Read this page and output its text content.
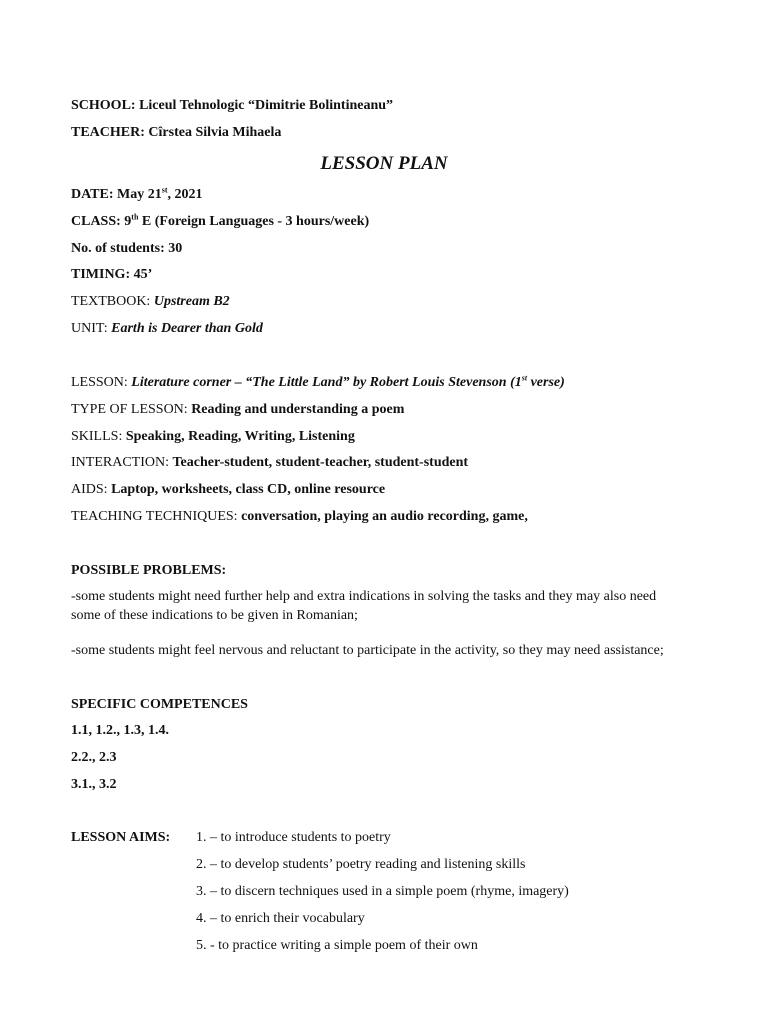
SCHOOL: Liceul Tehnologic “Dimitrie Bolintineanu”
TEACHER: Cîrstea Silvia Mihaela
LESSON PLAN
DATE: May 21st, 2021
CLASS: 9th E (Foreign Languages - 3 hours/week)
No. of students: 30
TIMING: 45’
TEXTBOOK: Upstream B2
UNIT: Earth is Dearer than Gold
LESSON: Literature corner – “The Little Land” by Robert Louis Stevenson (1st verse)
TYPE OF LESSON: Reading and understanding a poem
SKILLS: Speaking, Reading, Writing, Listening
INTERACTION: Teacher-student, student-teacher, student-student
AIDS: Laptop, worksheets, class CD, online resource
TEACHING TECHNIQUES: conversation, playing an audio recording, game,
POSSIBLE PROBLEMS:
-some students might need further help and extra indications in solving the tasks and they may also need some of these indications to be given in Romanian;
-some students might feel nervous and reluctant to participate in the activity, so they may need assistance;
SPECIFIC COMPETENCES
1.1, 1.2., 1.3, 1.4.
2.2., 2.3
3.1., 3.2
LESSON AIMS: 1. – to introduce students to poetry
2. – to develop students’ poetry reading and listening skills
3. – to discern techniques used in a simple poem (rhyme, imagery)
4. – to enrich their vocabulary
5. - to practice writing a simple poem of their own
